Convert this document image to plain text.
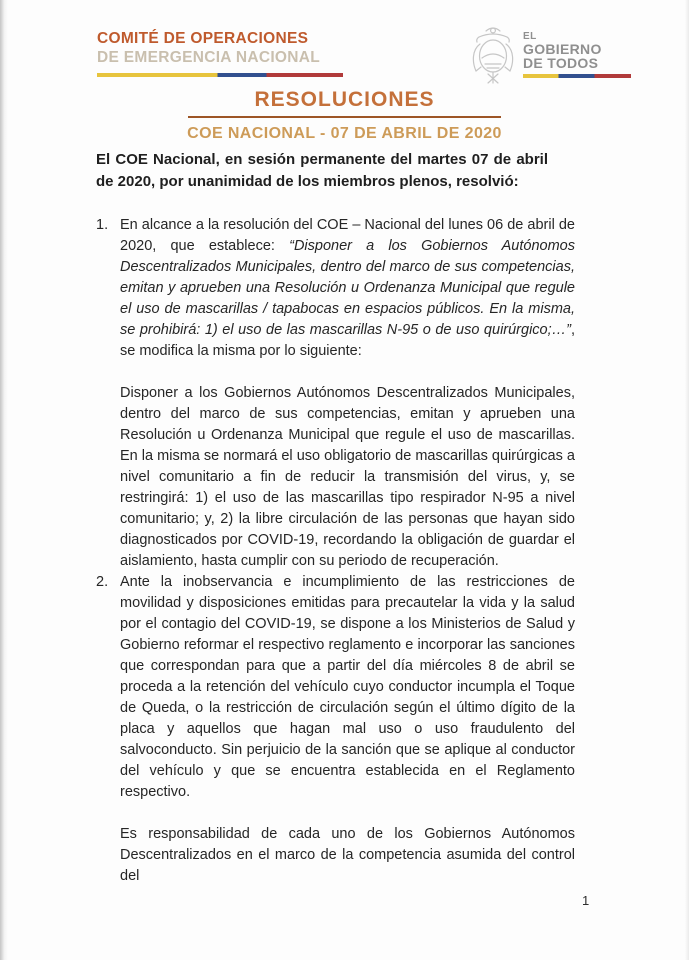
COMITÉ DE OPERACIONES
DE EMERGENCIA NACIONAL
EL
GOBIERNO
DE TODOS
RESOLUCIONES
COE NACIONAL - 07 DE ABRIL DE 2020

El COE Nacional, en sesión permanente del martes 07 de abril de 2020, por unanimidad de los miembros plenos, resolvió:

1. En alcance a la resolución del COE – Nacional del lunes 06 de abril de 2020, que establece: “Disponer a los Gobiernos Autónomos Descentralizados Municipales, dentro del marco de sus competencias, emitan y aprueben una Resolución u Ordenanza Municipal que regule el uso de mascarillas / tapabocas en espacios públicos. En la misma, se prohibirá: 1) el uso de las mascarillas N-95 o de uso quirúrgico;…”, se modifica la misma por lo siguiente:

Disponer a los Gobiernos Autónomos Descentralizados Municipales, dentro del marco de sus competencias, emitan y aprueben una Resolución u Ordenanza Municipal que regule el uso de mascarillas. En la misma se normará el uso obligatorio de mascarillas quirúrgicas a nivel comunitario a fin de reducir la transmisión del virus, y, se restringirá: 1) el uso de las mascarillas tipo respirador N-95 a nivel comunitario; y, 2) la libre circulación de las personas que hayan sido diagnosticados por COVID-19, recordando la obligación de guardar el aislamiento, hasta cumplir con su periodo de recuperación.

2. Ante la inobservancia e incumplimiento de las restricciones de movilidad y disposiciones emitidas para precautelar la vida y la salud por el contagio del COVID-19, se dispone a los Ministerios de Salud y Gobierno reformar el respectivo reglamento e incorporar las sanciones que correspondan para que a partir del día miércoles 8 de abril se proceda a la retención del vehículo cuyo conductor incumpla el Toque de Queda, o la restricción de circulación según el último dígito de la placa y aquellos que hagan mal uso o uso fraudulento del salvoconducto. Sin perjuicio de la sanción que se aplique al conductor del vehículo y que se encuentra establecida en el Reglamento respectivo.

Es responsabilidad de cada uno de los Gobiernos Autónomos Descentralizados en el marco de la competencia asumida del control del

1
